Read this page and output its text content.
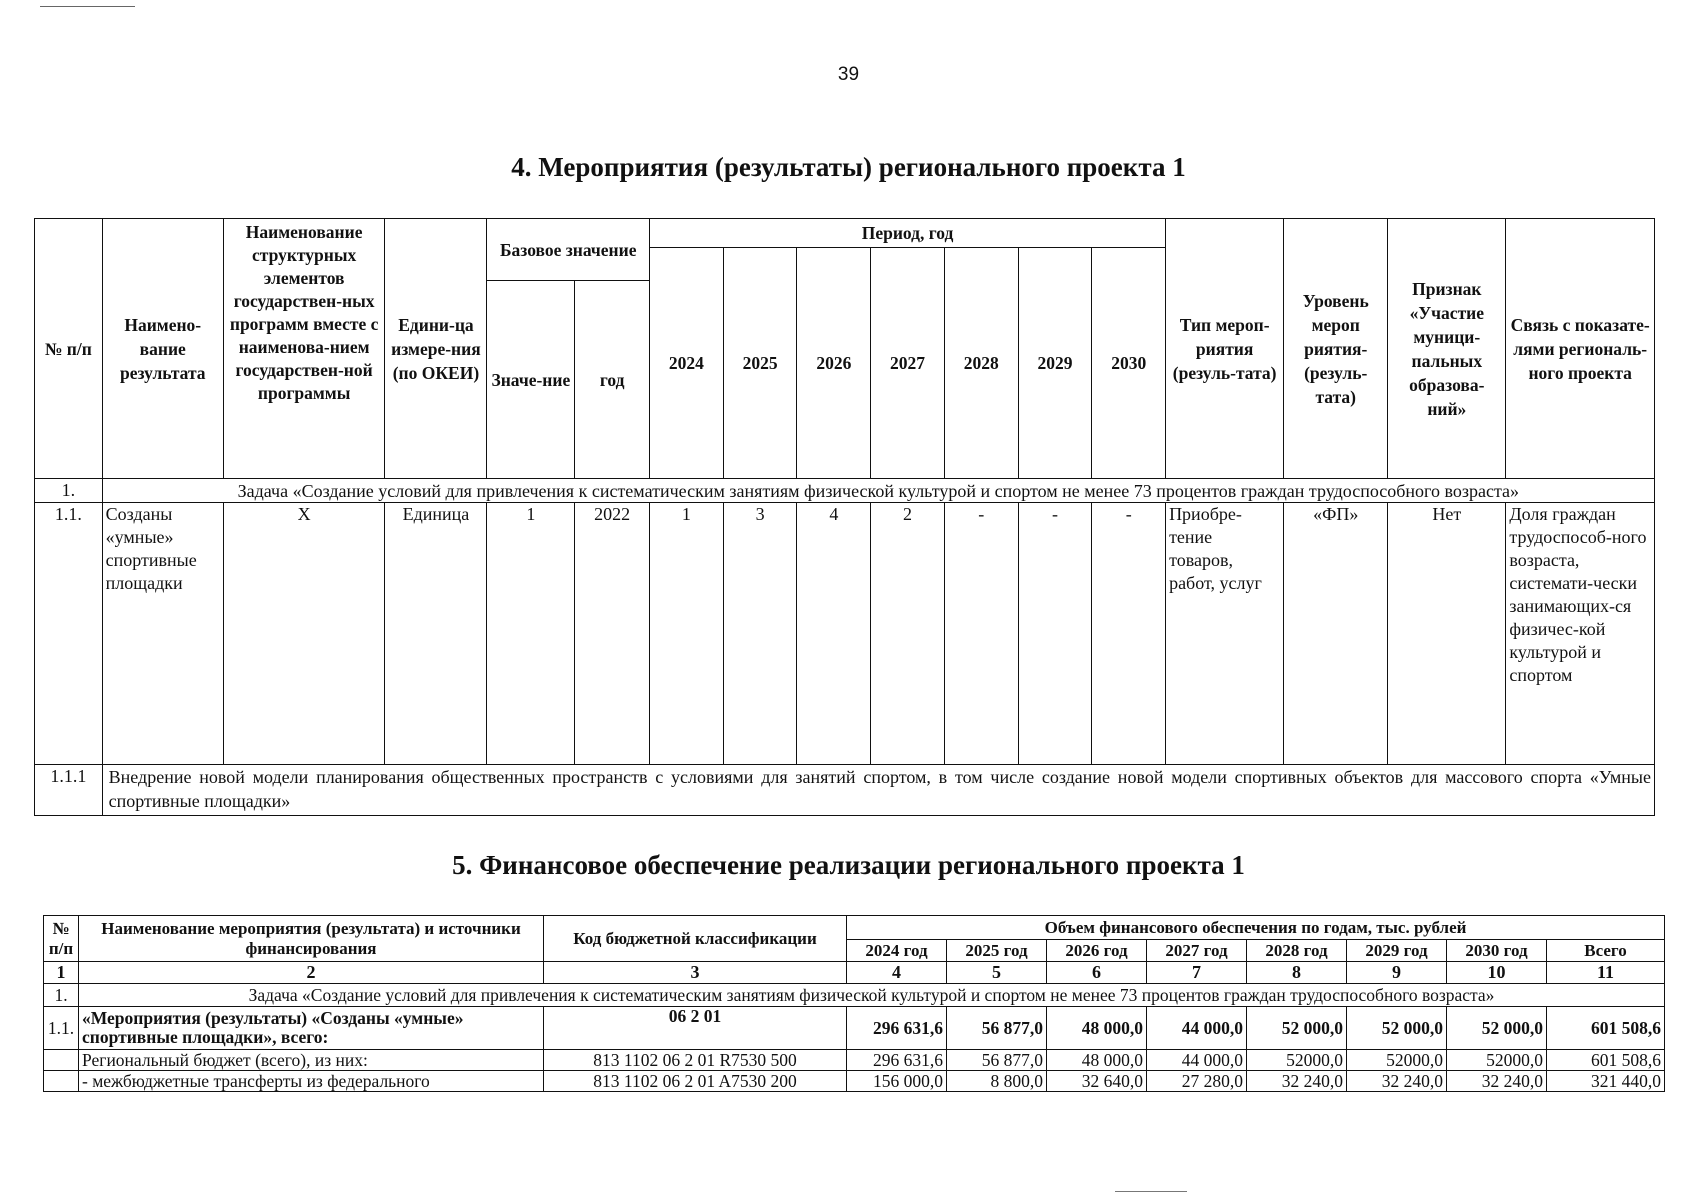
39
4. Мероприятия (результаты) регионального проекта 1
№ п/п	Наимено-вание результата	Наименование структурных элементов государствен-ных программ вместе с наименова-нием государствен-ной программы	Едини-ца измере-ния (по ОКЕИ)	Базовое значение		Период, год							Тип мероп-риятия (резуль-тата)	Уровень мероп риятия-(резуль-тата)	Признак «Участие муници-пальных образова-ний»	Связь с показате-лями региональ-ного проекта
						2024	2025	2026	2027	2028	2029	2030				
				Значе-ние	год											
1.	Задача «Создание условий для привлечения к систематическим занятиям физической культурой и спортом не менее 73 процентов граждан трудоспособного возраста»															
1.1.	Созданы «умные» спортивные площадки	X	Единица	1	2022	1	3	4	2	-	-	-	Приобре-тение товаров, работ, услуг	«ФП»	Нет	Доля граждан трудоспособ-ного возраста, системати-чески занимающих-ся физичес-кой культурой и спортом
1.1.1	Внедрение новой модели планирования общественных пространств с условиями для занятий спортом, в том числе создание новой модели спортивных объектов для массового спорта «Умные спортивные площадки»															
5. Финансовое обеспечение реализации регионального проекта 1
№ п/п	Наименование мероприятия (результата) и источники финансирования	Код бюджетной классификации	Объем финансового обеспечения по годам, тыс. рублей							
			2024 год	2025 год	2026 год	2027 год	2028 год	2029 год	2030 год	Всего
1	2	3	4	5	6	7	8	9	10	11
1.	Задача «Создание условий для привлечения к систематическим занятиям физической культурой и спортом не менее 73 процентов граждан трудоспособного возраста»									
1.1.	«Мероприятия (результаты) «Созданы «умные» спортивные площадки», всего:	06 2 01	296 631,6	56 877,0	48 000,0	44 000,0	52 000,0	52 000,0	52 000,0	601 508,6
	Региональный бюджет (всего), из них:	813 1102 06 2 01 R7530 500	296 631,6	56 877,0	48 000,0	44 000,0	52000,0	52000,0	52000,0	601 508,6
	- межбюджетные трансферты из федерального	813 1102 06 2 01 A7530 200	156 000,0	8 800,0	32 640,0	27 280,0	32 240,0	32 240,0	32 240,0	321 440,0
